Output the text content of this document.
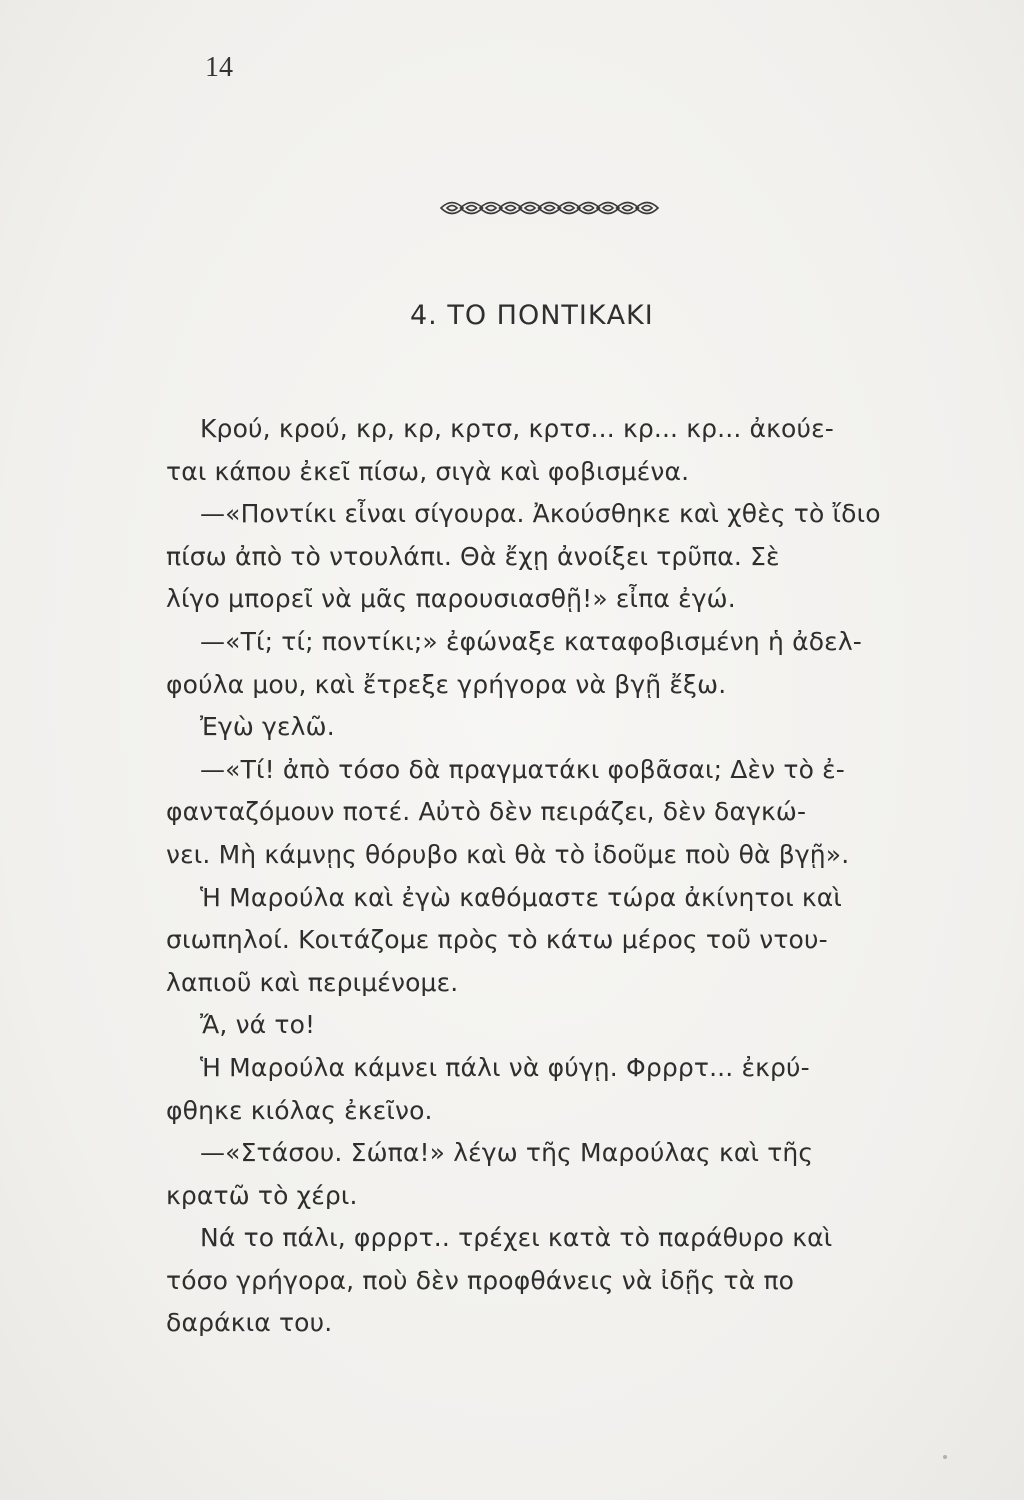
14
4. ΤΟ ΠΟΝΤΙΚΑΚΙ
Κρού, κρού, κρ, κρ, κρτσ, κρτσ... κρ... κρ... ἀκούε-
ται κάπου ἐκεῖ πίσω, σιγὰ καὶ φοβισμένα.
—«Ποντίκι εἶναι σίγουρα. Ἀκούσθηκε καὶ χθὲς τὸ ἴδιο
πίσω ἀπὸ τὸ ντουλάπι. Θὰ ἔχῃ ἀνοίξει τρῦπα. Σὲ
λίγο μπορεῖ νὰ μᾶς παρουσιασθῇ!» εἶπα ἐγώ.
—«Τί; τί; ποντίκι;» ἐφώναξε καταφοβισμένη ἡ ἀδελ-
φούλα μου, καὶ ἔτρεξε γρήγορα νὰ βγῇ ἔξω.
Ἐγὼ γελῶ.
—«Τί! ἀπὸ τόσο δὰ πραγματάκι φοβᾶσαι; Δὲν τὸ ἐ-
φανταζόμουν ποτέ. Αὐτὸ δὲν πειράζει, δὲν δαγκώ-
νει. Μὴ κάμνῃς θόρυβο καὶ θὰ τὸ ἰδοῦμε ποὺ θὰ βγῇ».
Ἡ Μαρούλα καὶ ἐγὼ καθόμαστε τώρα ἀκίνητοι καὶ
σιωπηλοί. Κοιτάζομε πρὸς τὸ κάτω μέρος τοῦ ντου-
λαπιοῦ καὶ περιμένομε.
Ἄ, νά το!
Ἡ Μαρούλα κάμνει πάλι νὰ φύγῃ. Φρρρτ... ἐκρύ-
φθηκε κιόλας ἐκεῖνο.
—«Στάσου. Σώπα!» λέγω τῆς Μαρούλας καὶ τῆς
κρατῶ τὸ χέρι.
Νά το πάλι, φρρρτ.. τρέχει κατὰ τὸ παράθυρο καὶ
τόσο γρήγορα, ποὺ δὲν προφθάνεις νὰ ἰδῇς τὰ πο
δαράκια του.
